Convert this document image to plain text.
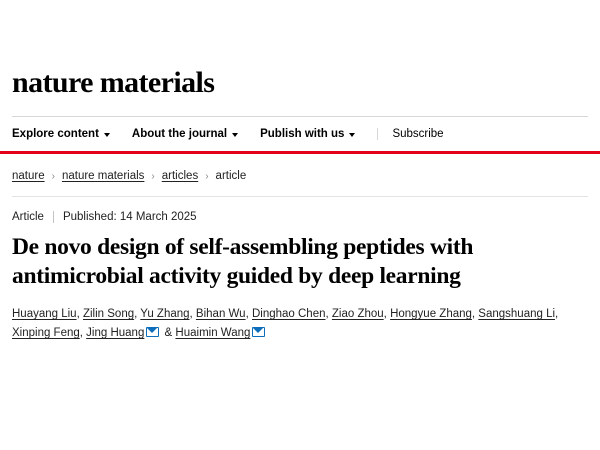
nature materials
Explore content	About the journal	Publish with us	Subscribe
nature › nature materials › articles › article
Article	Published: 14 March 2025
De novo design of self-assembling peptides with antimicrobial activity guided by deep learning
Huayang Liu, Zilin Song, Yu Zhang, Bihan Wu, Dinghao Chen, Ziao Zhou, Hongyue Zhang, Sangshuang Li, Xinping Feng, Jing Huang & Huaimin Wang
